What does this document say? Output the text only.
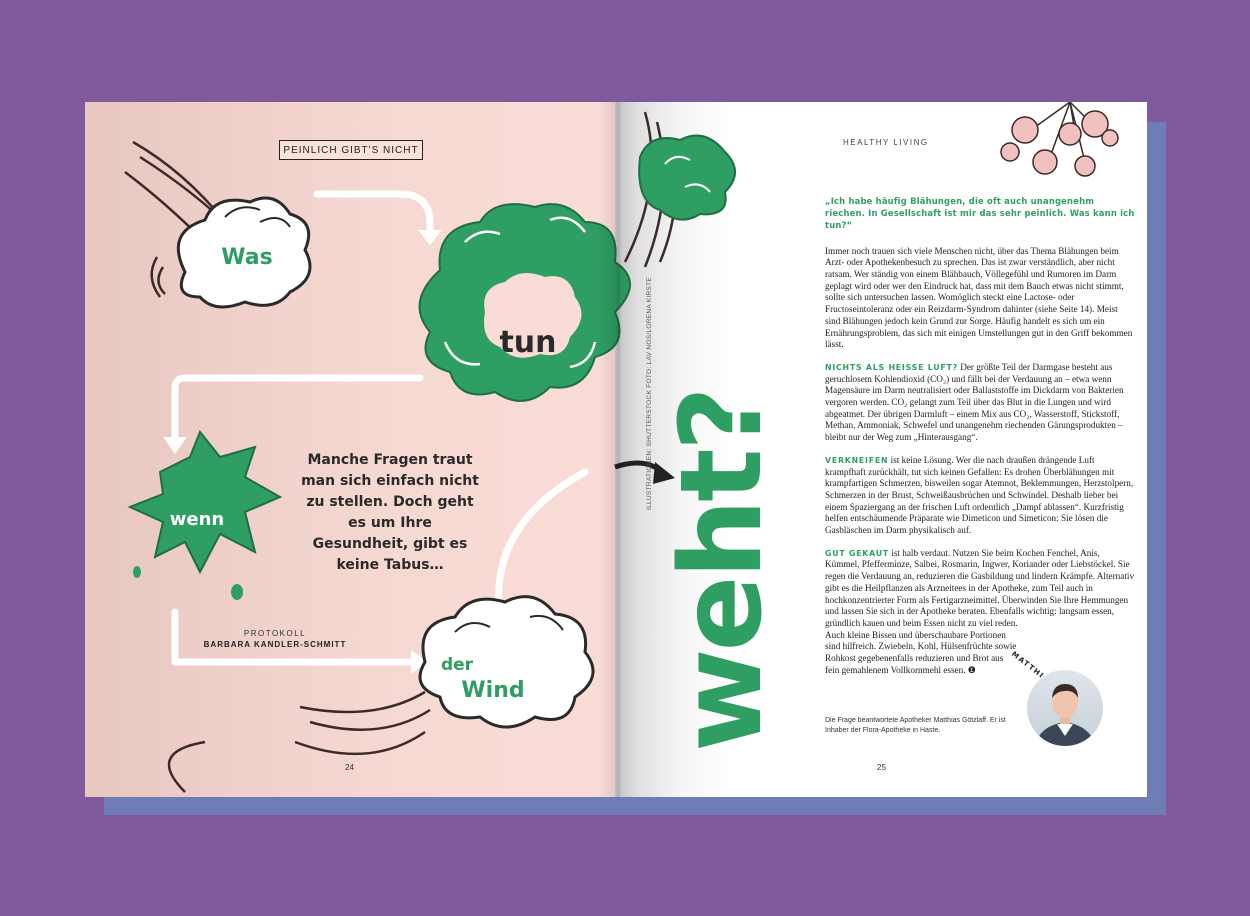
Was
tun
wenn
der
Wind weht?
PEINLICH GIBT'S NICHT
Manche Fragen traut man sich einfach nicht zu stellen. Doch geht es um Ihre Gesundheit, gibt es keine Tabus…
PROTOKOLL
BARBARA KANDLER-SCHMITT
24
ILLUSTRATIONEN: SHUTTERSTOCK FOTO: LAV NOS/LORENA KIRSTE
HEALTHY LIVING

„Ich habe häufig Blähungen, die oft auch unangenehm riechen. In Gesellschaft ist mir das sehr peinlich. Was kann ich tun?“

Immer noch trauen sich viele Menschen nicht, über das Thema Blähungen beim Arzt- oder Apothekenbesuch zu sprechen. Das ist zwar verständlich, aber nicht ratsam. Wer ständig von einem Blähbauch, Völlegefühl und Rumoren im Darm geplagt wird oder wer den Eindruck hat, dass mit dem Bauch etwas nicht stimmt, sollte sich untersuchen lassen. Womöglich steckt eine Lactose- oder Fructoseintoleranz oder ein Reizdarm-Syndrom dahinter (siehe Seite 14). Meist sind Blähungen jedoch kein Grund zur Sorge. Häufig handelt es sich um ein Ernährungsproblem, das sich mit einigen Umstellungen gut in den Griff bekommen lässt.

NICHTS ALS HEISSE LUFT? Der größte Teil der Darmgase besteht aus geruchlosem Kohlendioxid (CO₂) und fällt bei der Verdauung an – etwa wenn Magensäure im Darm neutralisiert oder Ballaststoffe im Dickdarm von Bakterien vergoren werden. CO₂ gelangt zum Teil über das Blut in die Lungen und wird abgeatmet. Der übrigen Darmluft – einem Mix aus CO₂, Wasserstoff, Stickstoff, Methan, Ammoniak, Schwefel und unangenehm riechenden Gärungsprodukten – bleibt nur der Weg zum „Hinterausgang“.

VERKNEIFEN ist keine Lösung. Wer die nach draußen drängende Luft krampfhaft zurückhält, tut sich keinen Gefallen: Es drohen Überblähungen mit krampfartigen Schmerzen, bisweilen sogar Atemnot, Beklemmungen, Herzstolpern, Schmerzen in der Brust, Schweißausbrüchen und Schwindel. Deshalb lieber bei einem Spaziergang an der frischen Luft ordentlich „Dampf ablassen“. Kurzfristig helfen entschäumende Präparate wie Dimeticon und Simeticon: Sie lösen die Gasbläschen im Darm physikalisch auf.

GUT GEKAUT ist halb verdaut. Nutzen Sie beim Kochen Fenchel, Anis, Kümmel, Pfefferminze, Salbei, Rosmarin, Ingwer, Koriander oder Liebstöckel. Sie regen die Verdauung an, reduzieren die Gasbildung und lindern Krämpfe. Alternativ gibt es die Heilpflanzen als Arzneitees in der Apotheke, zum Teil auch in hochkonzentrierter Form als Fertigarzneimittel. Überwinden Sie Ihre Hemmungen und lassen Sie sich in der Apotheke beraten. Ebenfalls wichtig: langsam essen, gründlich kauen und beim Essen nicht zu viel reden.

Auch kleine Bissen und überschaubare Portionen sind hilfreich. Zwiebeln, Kohl, Hülsenfrüchte sowie Rohkost gegebenenfalls reduzieren und Brot aus fein gemahlenem Vollkornmehl essen. ❶

Die Frage beantwortete Apotheker Matthias Götzlaff. Er ist Inhaber der Flora-Apotheke in Haste.
MATTHIAS
25
